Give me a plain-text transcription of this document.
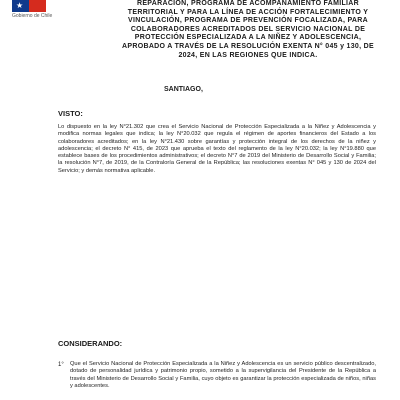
★
Gobierno de Chile
REPARACIÓN, PROGRAMA DE ACOMPAÑAMIENTO FAMILIAR TERRITORIAL Y PARA LA LÍNEA DE ACCIÓN FORTALECIMIENTO Y VINCULACIÓN, PROGRAMA DE PREVENCIÓN FOCALIZADA, PARA COLABORADORES ACREDITADOS DEL SERVICIO NACIONAL DE PROTECCIÓN ESPECIALIZADA A LA NIÑEZ Y ADOLESCENCIA, APROBADO A TRAVÉS DE LA RESOLUCIÓN EXENTA N° 045 y 130, DE 2024, EN LAS REGIONES QUE INDICA.
SANTIAGO,
VISTO:
Lo dispuesto en la ley N°21.302 que crea el Servicio Nacional de Protección Especializada a la Niñez y Adolescencia y modifica normas legales que indica; la ley N°20.032 que regula el régimen de aportes financieros del Estado a los colaboradores acreditados; en la ley N°21.430 sobre garantías y protección integral de los derechos de la niñez y adolescencia; el decreto N° 415, de 2023 que aprueba el texto del reglamento de la ley N°20.032; la ley N°19.880 que establece bases de los procedimientos administrativos; el decreto N°7 de 2019 del Ministerio de Desarrollo Social y Familia; la resolución N°7, de 2019, de la Contraloría General de la República; las resoluciones exentas N° 045 y 130 de 2024 del Servicio; y demás normativa aplicable.
CONSIDERANDO:
1° Que el Servicio Nacional de Protección Especializada a la Niñez y Adolescencia es un servicio público descentralizado, dotado de personalidad jurídica y patrimonio propio, sometido a la supervigilancia del Presidente de la República a través del Ministerio de Desarrollo Social y Familia, cuyo objeto es garantizar la protección especializada de niños, niñas y adolescentes.
